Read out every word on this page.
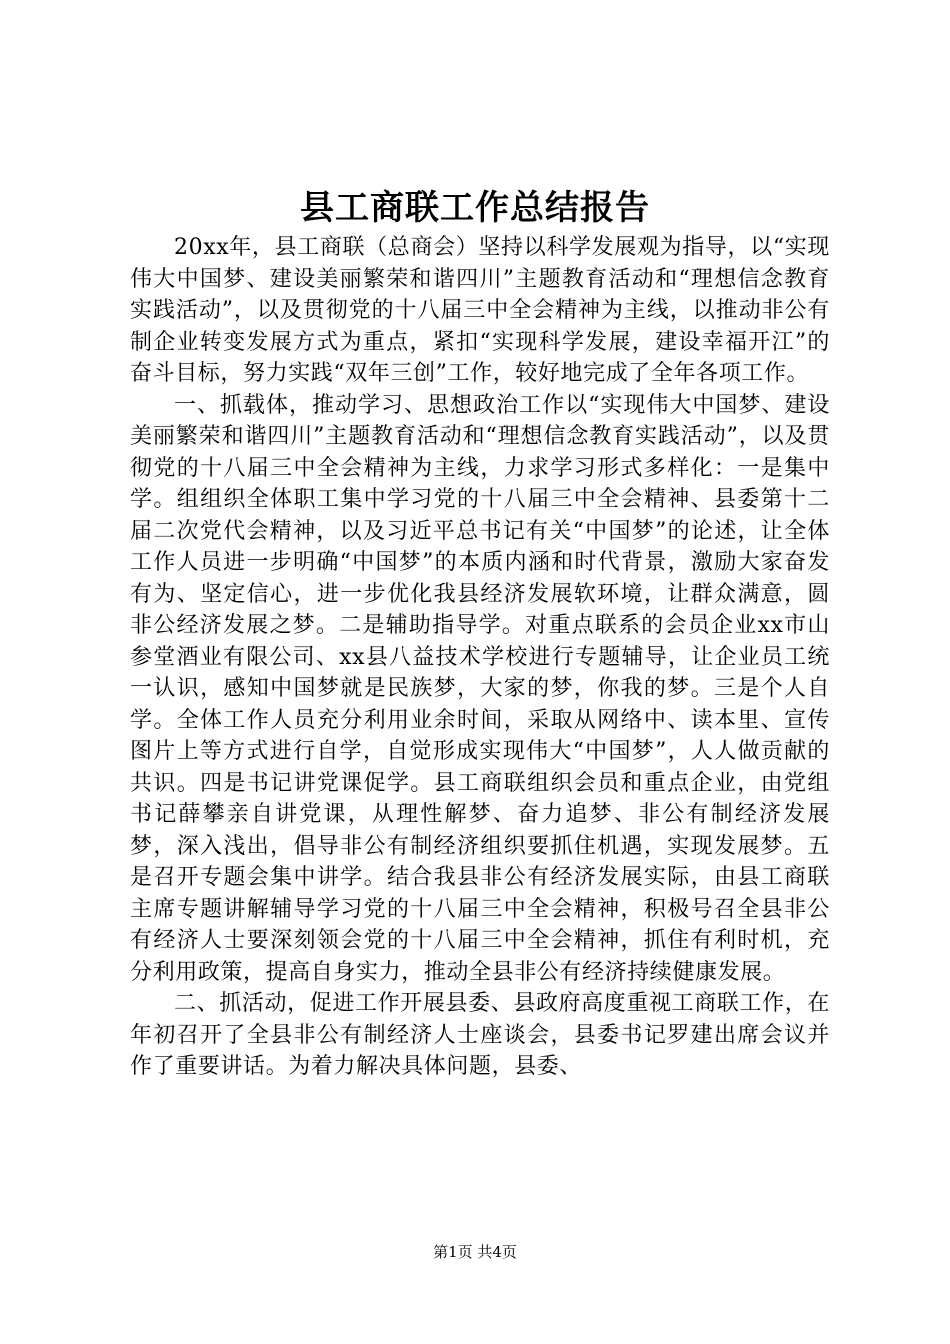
县工商联工作总结报告

20xx年，县工商联（总商会）坚持以科学发展观为指导，以“实现伟大中国梦、建设美丽繁荣和谐四川”主题教育活动和“理想信念教育实践活动”，以及贯彻党的十八届三中全会精神为主线，以推动非公有制企业转变发展方式为重点，紧扣“实现科学发展，建设幸福开江”的奋斗目标，努力实践“双年三创”工作，较好地完成了全年各项工作。

一、抓载体，推动学习、思想政治工作以“实现伟大中国梦、建设美丽繁荣和谐四川”主题教育活动和“理想信念教育实践活动”，以及贯彻党的十八届三中全会精神为主线，力求学习形式多样化：一是集中学。组组织全体职工集中学习党的十八届三中全会精神、县委第十二届二次党代会精神，以及习近平总书记有关“中国梦”的论述，让全体工作人员进一步明确“中国梦”的本质内涵和时代背景，激励大家奋发有为、坚定信心，进一步优化我县经济发展软环境，让群众满意，圆非公经济发展之梦。二是辅助指导学。对重点联系的会员企业xx市山参堂酒业有限公司、xx县八益技术学校进行专题辅导，让企业员工统一认识，感知中国梦就是民族梦，大家的梦，你我的梦。三是个人自学。全体工作人员充分利用业余时间，采取从网络中、读本里、宣传图片上等方式进行自学，自觉形成实现伟大“中国梦”，人人做贡献的共识。四是书记讲党课促学。县工商联组织会员和重点企业，由党组书记薛攀亲自讲党课，从理性解梦、奋力追梦、非公有制经济发展梦，深入浅出，倡导非公有制经济组织要抓住机遇，实现发展梦。五是召开专题会集中讲学。结合我县非公有经济发展实际，由县工商联主席专题讲解辅导学习党的十八届三中全会精神，积极号召全县非公有经济人士要深刻领会党的十八届三中全会精神，抓住有利时机，充分利用政策，提高自身实力，推动全县非公有经济持续健康发展。

二、抓活动，促进工作开展县委、县政府高度重视工商联工作，在年初召开了全县非公有制经济人士座谈会，县委书记罗建出席会议并作了重要讲话。为着力解决具体问题，县委、

第1页 共4页
